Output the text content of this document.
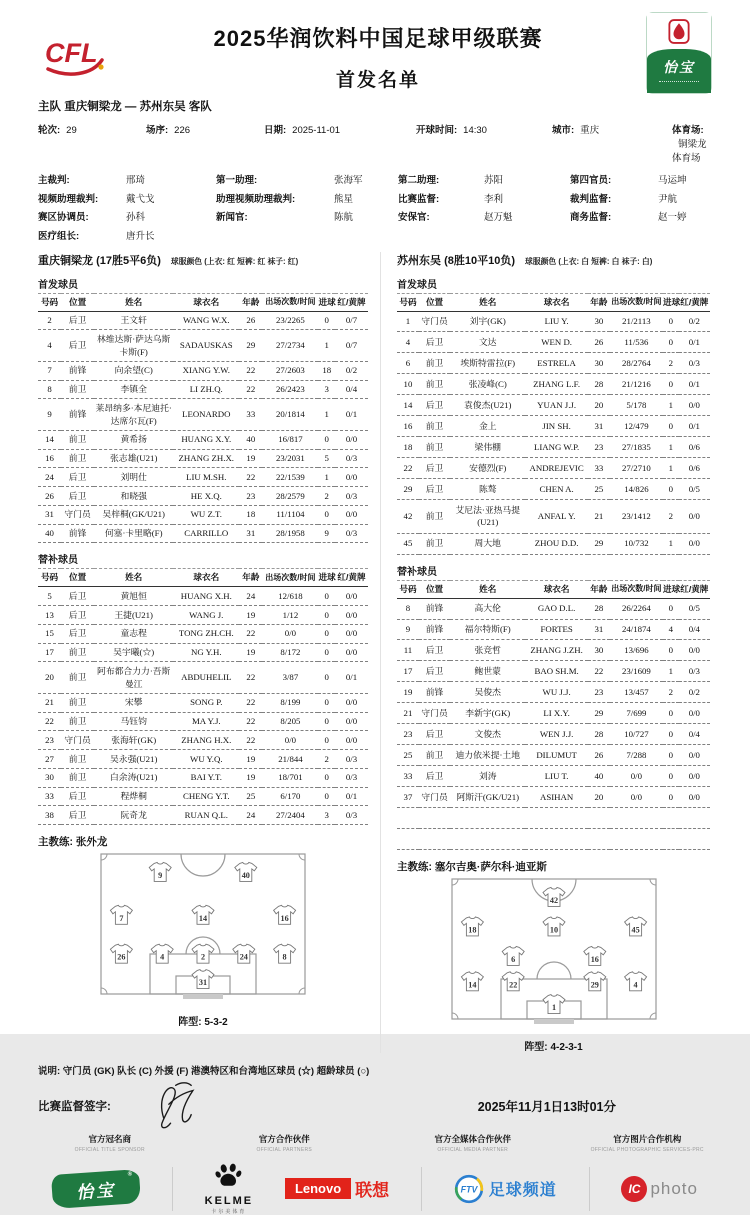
CFL	2025华润饮料中国足球甲级联赛
首发名单
怡宝
主队 重庆铜梁龙 — 苏州东吴 客队
轮次: 29	场序: 226	日期: 2025-11-01	开球时间: 14:30	城市: 重庆	体育场:铜梁龙体育场
主裁判:	邢琦	第一助理:	张海军	第二助理:	苏阳	第四官员:	马运坤
视频助理裁判:	戴弋戈	助理视频助理裁判:	熊星	比赛监督:	李利	裁判监督:	尹航
赛区协调员:	孙科	新闻官:	陈航	安保官:	赵万魁	商务监督:	赵一婷
医疗组长:	唐升长
重庆铜梁龙 (17胜5平6负) 球服颜色 (上衣: 红 短裤: 红 袜子: 红)
首发球员
号码	位置	姓名	球衣名	年龄	出场次数/时间	进球	红/黄牌
2	后卫	王文轩	WANG W.X.	26	23/2265	0	0/7
4	后卫	林维达斯·萨达乌斯卡斯(F)	SADAUSKAS	29	27/2734	1	0/7
7	前锋	向余望(C)	XIANG Y.W.	22	27/2603	18	0/2
8	前卫	李镇全	LI ZH.Q.	22	26/2423	3	0/4
9	前锋	莱昂纳多·本尼迪托·达席尔瓦(F)	LEONARDO	33	20/1814	1	0/1
14	前卫	黄希扬	HUANG X.Y.	40	16/817	0	0/0
16	前卫	张志雄(U21)	ZHANG ZH.X.	19	23/2031	5	0/3
24	后卫	刘明仕	LIU M.SH.	22	22/1539	1	0/0
26	后卫	和晓强	HE X.Q.	23	28/2579	2	0/3
31	守门员	吴梓桐(GK/U21)	WU Z.T.	18	11/1104	0	0/0
40	前锋	何塞·卡里略(F)	CARRILLO	31	28/1958	9	0/3
替补球员
号码	位置	姓名	球衣名	年龄	出场次数/时间	进球	红/黄牌
5	后卫	黄旭恒	HUANG X.H.	24	12/618	0	0/0
13	后卫	王捷(U21)	WANG J.	19	1/12	0	0/0
15	后卫	童志程	TONG ZH.CH.	22	0/0	0	0/0
17	前卫	吴宇曦(☆)	NG Y.H.	19	8/172	0	0/0
20	前卫	阿布都合力力·吾斯曼江	ABDUHELIL	22	3/87	0	0/1
21	前卫	宋攀	SONG P.	22	8/199	0	0/0
22	前卫	马钰钧	MA Y.J.	22	8/205	0	0/0
23	守门员	张海轩(GK)	ZHANG H.X.	22	0/0	0	0/0
27	前卫	吴永强(U21)	WU Y.Q.	19	21/844	2	0/3
30	前卫	白余涛(U21)	BAI Y.T.	19	18/701	0	0/3
33	后卫	程烨桐	CHENG Y.T.	25	6/170	0	0/1
38	后卫	阮奇龙	RUAN Q.L.	24	27/2404	3	0/3
主教练: 张外龙
9	40
7	14	16
26	4	2	24	8
31
阵型: 5-3-2
苏州东吴 (8胜10平10负) 球服颜色 (上衣: 白 短裤: 白 袜子: 白)
首发球员
号码	位置	姓名	球衣名	年龄	出场次数/时间	进球	红/黄牌
1	守门员	刘宇(GK)	LIU Y.	30	21/2113	0	0/2
4	后卫	文达	WEN D.	26	11/536	0	0/1
6	前卫	埃斯特雷拉(F)	ESTRELA	30	28/2764	2	0/3
10	前卫	张凌峰(C)	ZHANG L.F.	28	21/1216	0	0/1
14	后卫	袁俊杰(U21)	YUAN J.J.	20	5/178	1	0/0
16	前卫	金上	JIN SH.	31	12/479	0	0/1
18	前卫	梁伟棚	LIANG W.P.	23	27/1835	1	0/6
22	后卫	安德烈(F)	ANDREJEVIC	33	27/2710	1	0/6
29	后卫	陈骜	CHEN A.	25	14/826	0	0/5
42	前卫	艾尼法·亚热马提(U21)	ANFAL Y.	21	23/1412	2	0/0
45	前卫	周大地	ZHOU D.D.	29	10/732	1	0/0
替补球员
号码	位置	姓名	球衣名	年龄	出场次数/时间	进球	红/黄牌
8	前锋	高大伦	GAO D.L.	28	26/2264	0	0/5
9	前锋	福尔特斯(F)	FORTES	31	24/1874	4	0/4
11	后卫	张竞哲	ZHANG J.ZH.	30	13/696	0	0/0
17	后卫	鲍世蒙	BAO SH.M.	22	23/1609	1	0/3
19	前锋	吴俊杰	WU J.J.	23	13/457	2	0/2
21	守门员	李新宇(GK)	LI X.Y.	29	7/699	0	0/0
23	后卫	文俊杰	WEN J.J.	28	10/727	0	0/4
25	前卫	迪力依米提·土地	DILUMUT	26	7/288	0	0/0
33	后卫	刘涛	LIU T.	40	0/0	0	0/0
37	守门员	阿斯汗(GK/U21)	ASIHAN	20	0/0	0	0/0

主教练: 塞尔吉奥·萨尔科·迪亚斯
42
18	10	45
6	16
14	22	29	4
1
阵型: 4-2-3-1
说明: 守门员 (GK) 队长 (C) 外援 (F) 港澳特区和台湾地区球员 (☆) 超龄球员 (○)
比赛监督签字:	2025年11月1日13时01分
官方冠名商
OFFICIAL TITLE SPONSOR
官方合作伙伴
OFFICIAL PARTNERS
官方全媒体合作伙伴
OFFICIAL MEDIA PARTNER
官方图片合作机构
OFFICIAL PHOTOGRAPHIC SERVICES-PRC
怡宝
®
KELME
卡尔美体育
Lenovo 联想	FTV 足球频道	IC photo
